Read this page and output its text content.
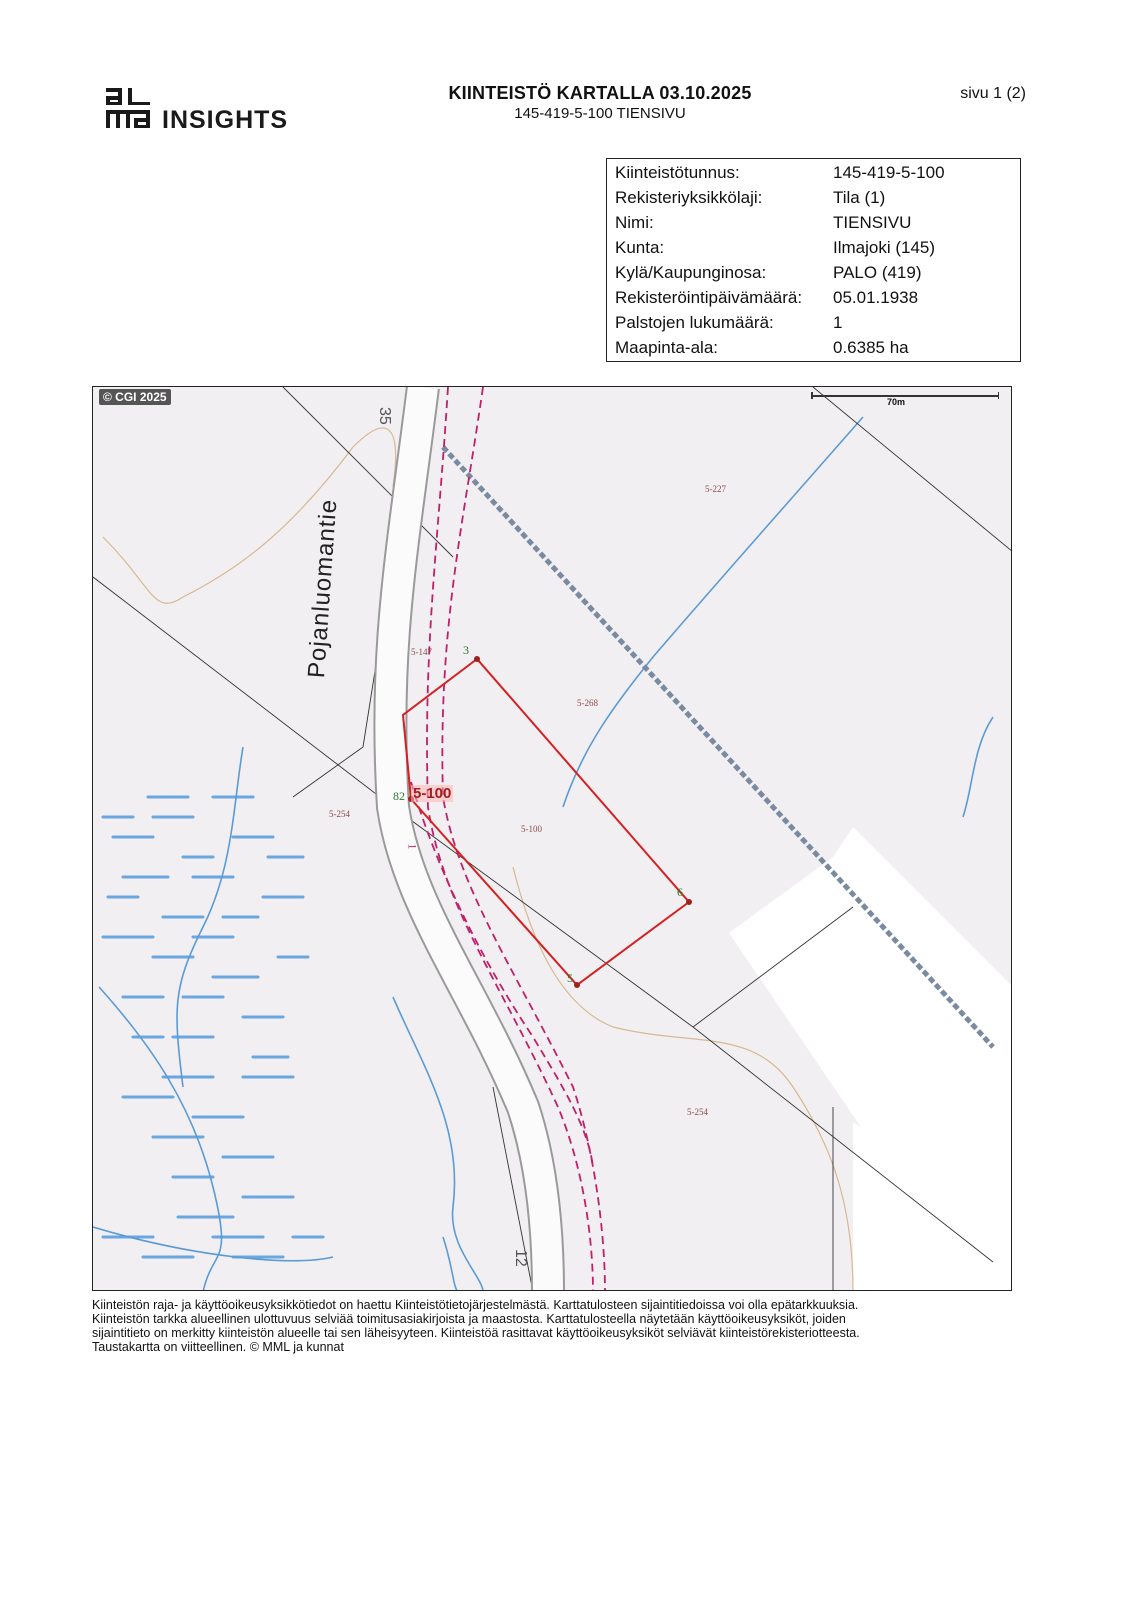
INSIGHTS
KIINTEISTÖ KARTALLA 03.10.2025
145-419-5-100 TIENSIVU
sivu 1 (2)
Kiinteistötunnus:	145-419-5-100
Rekisteriyksikkölaji:	Tila (1)
Nimi:	TIENSIVU
Kunta:	Ilmajoki (145)
Kylä/Kaupunginosa:	PALO (419)
Rekisteröintipäivämäärä:	05.01.1938
Palstojen lukumäärä:	1
Maapinta-ala:	0.6385 ha
© CGI 2025	70m
Pojanluomantie
35
12
5-100
5-227
5-268
5-147
5-254
5-100
5-254
3
82
6
5
1
Kiinteistön raja- ja käyttöoikeusyksikkötiedot on haettu Kiinteistötietojärjestelmästä. Karttatulosteen sijaintitiedoissa voi olla epätarkkuuksia.
Kiinteistön tarkka alueellinen ulottuvuus selviää toimitusasiakirjoista ja maastosta. Karttatulosteella näytetään käyttöoikeusyksiköt, joiden
sijaintitieto on merkitty kiinteistön alueelle tai sen läheisyyteen. Kiinteistöä rasittavat käyttöoikeusyksiköt selviävät kiinteistörekisteriotteesta.
Taustakartta on viitteellinen. © MML ja kunnat
